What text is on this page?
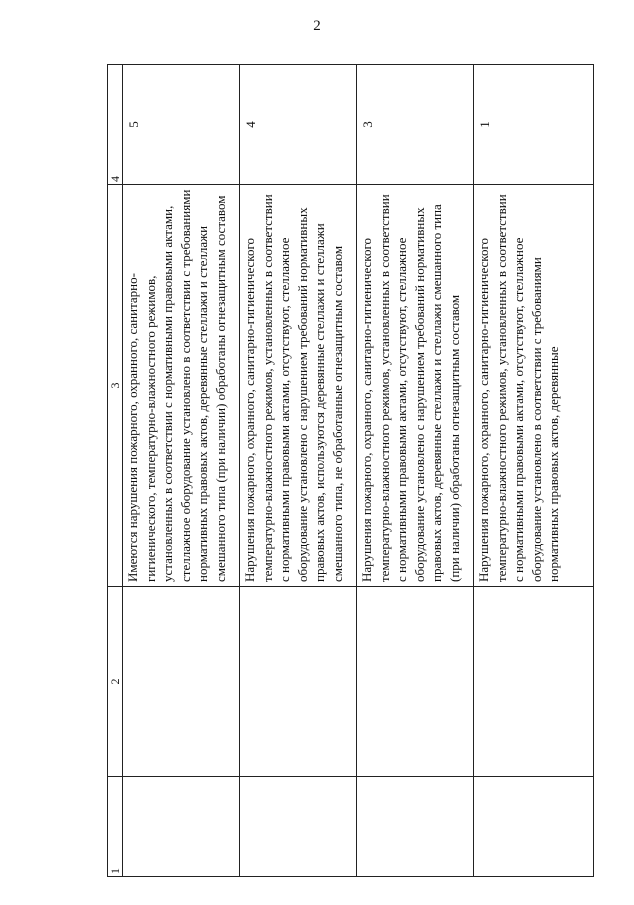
2
1	2	3	4
		Имеются нарушения пожарного, охранного, санитарно-гигиенического, температурно-влажностного режимов, установленных в соответствии с нормативными правовыми актами, стеллажное оборудование установлено в соответствии с требованиями нормативных правовых актов, деревянные стеллажи и стеллажи смешанного типа (при наличии) обработаны огнезащитным составом	5
		Нарушения пожарного, охранного, санитарно-гигиенического температурно-влажностного режимов, установленных в соответствии с нормативными правовыми актами, отсутствуют, стеллажное оборудование установлено с нарушением требований нормативных правовых актов, используются деревянные стеллажи и стеллажи смешанного типа, не обработанные огнезащитным составом	4
		Нарушения пожарного, охранного, санитарно-гигиенического температурно-влажностного режимов, установленных в соответствии с нормативными правовыми актами, отсутствуют, стеллажное оборудование установлено с нарушением требований нормативных правовых актов, деревянные стеллажи и стеллажи смешанного типа (при наличии) обработаны огнезащитным составом	3
		Нарушения пожарного, охранного, санитарно-гигиенического температурно-влажностного режимов, установленных в соответствии с нормативными правовыми актами, отсутствуют, стеллажное оборудование установлено в соответствии с требованиями нормативных правовых актов, деревянные	1
